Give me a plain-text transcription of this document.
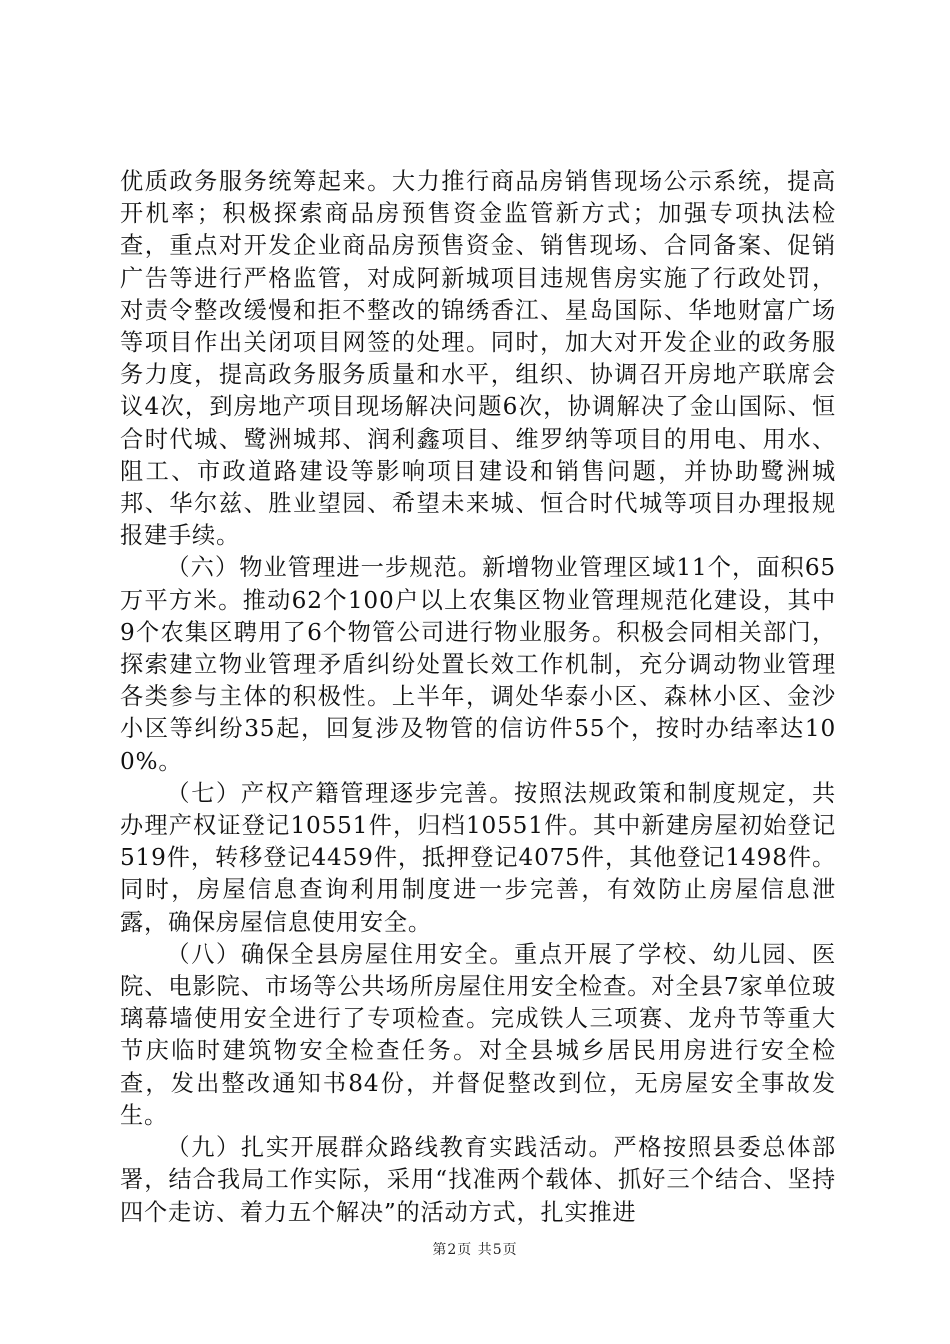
优质政务服务统筹起来。大力推行商品房销售现场公示系统，提高开机率；积极探索商品房预售资金监管新方式；加强专项执法检查，重点对开发企业商品房预售资金、销售现场、合同备案、促销广告等进行严格监管，对成阿新城项目违规售房实施了行政处罚，对责令整改缓慢和拒不整改的锦绣香江、星岛国际、华地财富广场等项目作出关闭项目网签的处理。同时，加大对开发企业的政务服务力度，提高政务服务质量和水平，组织、协调召开房地产联席会议4次，到房地产项目现场解决问题6次，协调解决了金山国际、恒合时代城、鹭洲城邦、润利鑫项目、维罗纳等项目的用电、用水、阻工、市政道路建设等影响项目建设和销售问题，并协助鹭洲城邦、华尔兹、胜业望园、希望未来城、恒合时代城等项目办理报规报建手续。

（六）物业管理进一步规范。新增物业管理区域11个，面积65万平方米。推动62个100户以上农集区物业管理规范化建设，其中9个农集区聘用了6个物管公司进行物业服务。积极会同相关部门，探索建立物业管理矛盾纠纷处置长效工作机制，充分调动物业管理各类参与主体的积极性。上半年，调处华泰小区、森林小区、金沙小区等纠纷35起，回复涉及物管的信访件55个，按时办结率达100%。

（七）产权产籍管理逐步完善。按照法规政策和制度规定，共办理产权证登记10551件，归档10551件。其中新建房屋初始登记519件，转移登记4459件，抵押登记4075件，其他登记1498件。同时，房屋信息查询利用制度进一步完善，有效防止房屋信息泄露，确保房屋信息使用安全。

（八）确保全县房屋住用安全。重点开展了学校、幼儿园、医院、电影院、市场等公共场所房屋住用安全检查。对全县7家单位玻璃幕墙使用安全进行了专项检查。完成铁人三项赛、龙舟节等重大节庆临时建筑物安全检查任务。对全县城乡居民用房进行安全检查，发出整改通知书84份，并督促整改到位，无房屋安全事故发生。

（九）扎实开展群众路线教育实践活动。严格按照县委总体部署，结合我局工作实际，采用“找准两个载体、抓好三个结合、坚持四个走访、着力五个解决”的活动方式，扎实推进

第2页 共5页
